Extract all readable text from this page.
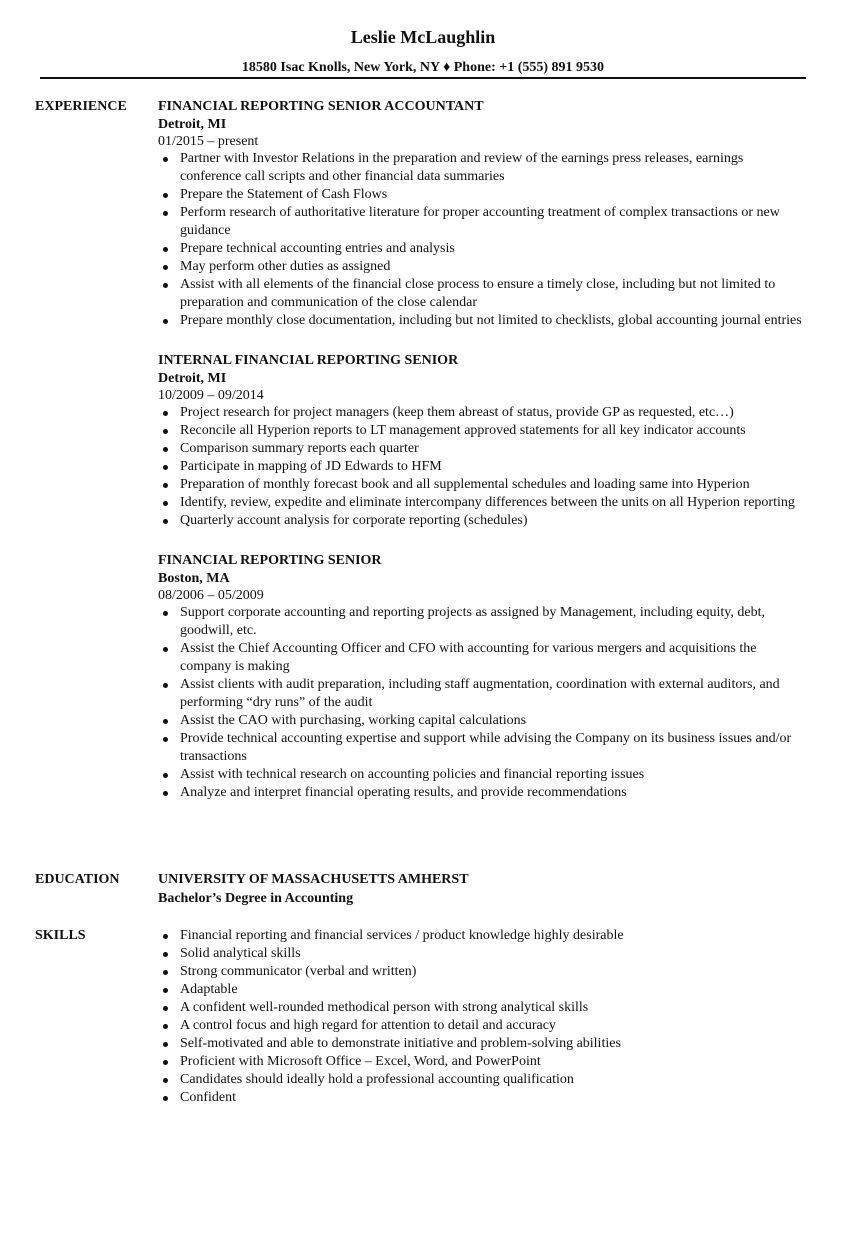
Leslie McLaughlin
18580 Isac Knolls, New York, NY ♦ Phone: +1 (555) 891 9530
EXPERIENCE FINANCIAL REPORTING SENIOR ACCOUNTANT
Detroit, MI
01/2015 – present
Partner with Investor Relations in the preparation and review of the earnings press releases, earnings conference call scripts and other financial data summaries
Prepare the Statement of Cash Flows
Perform research of authoritative literature for proper accounting treatment of complex transactions or new guidance
Prepare technical accounting entries and analysis
May perform other duties as assigned
Assist with all elements of the financial close process to ensure a timely close, including but not limited to preparation and communication of the close calendar
Prepare monthly close documentation, including but not limited to checklists, global accounting journal entries
INTERNAL FINANCIAL REPORTING SENIOR
Detroit, MI
10/2009 – 09/2014
Project research for project managers (keep them abreast of status, provide GP as requested, etc…)
Reconcile all Hyperion reports to LT management approved statements for all key indicator accounts
Comparison summary reports each quarter
Participate in mapping of JD Edwards to HFM
Preparation of monthly forecast book and all supplemental schedules and loading same into Hyperion
Identify, review, expedite and eliminate intercompany differences between the units on all Hyperion reporting
Quarterly account analysis for corporate reporting (schedules)
FINANCIAL REPORTING SENIOR
Boston, MA
08/2006 – 05/2009
Support corporate accounting and reporting projects as assigned by Management, including equity, debt, goodwill, etc.
Assist the Chief Accounting Officer and CFO with accounting for various mergers and acquisitions the company is making
Assist clients with audit preparation, including staff augmentation, coordination with external auditors, and performing “dry runs” of the audit
Assist the CAO with purchasing, working capital calculations
Provide technical accounting expertise and support while advising the Company on its business issues and/or transactions
Assist with technical research on accounting policies and financial reporting issues
Analyze and interpret financial operating results, and provide recommendations
EDUCATION	UNIVERSITY OF MASSACHUSETTS AMHERST
Bachelor’s Degree in Accounting
SKILLS	Financial reporting and financial services / product knowledge highly desirable
Solid analytical skills
Strong communicator (verbal and written)
Adaptable
A confident well-rounded methodical person with strong analytical skills
A control focus and high regard for attention to detail and accuracy
Self-motivated and able to demonstrate initiative and problem-solving abilities
Proficient with Microsoft Office – Excel, Word, and PowerPoint
Candidates should ideally hold a professional accounting qualification
Confident
